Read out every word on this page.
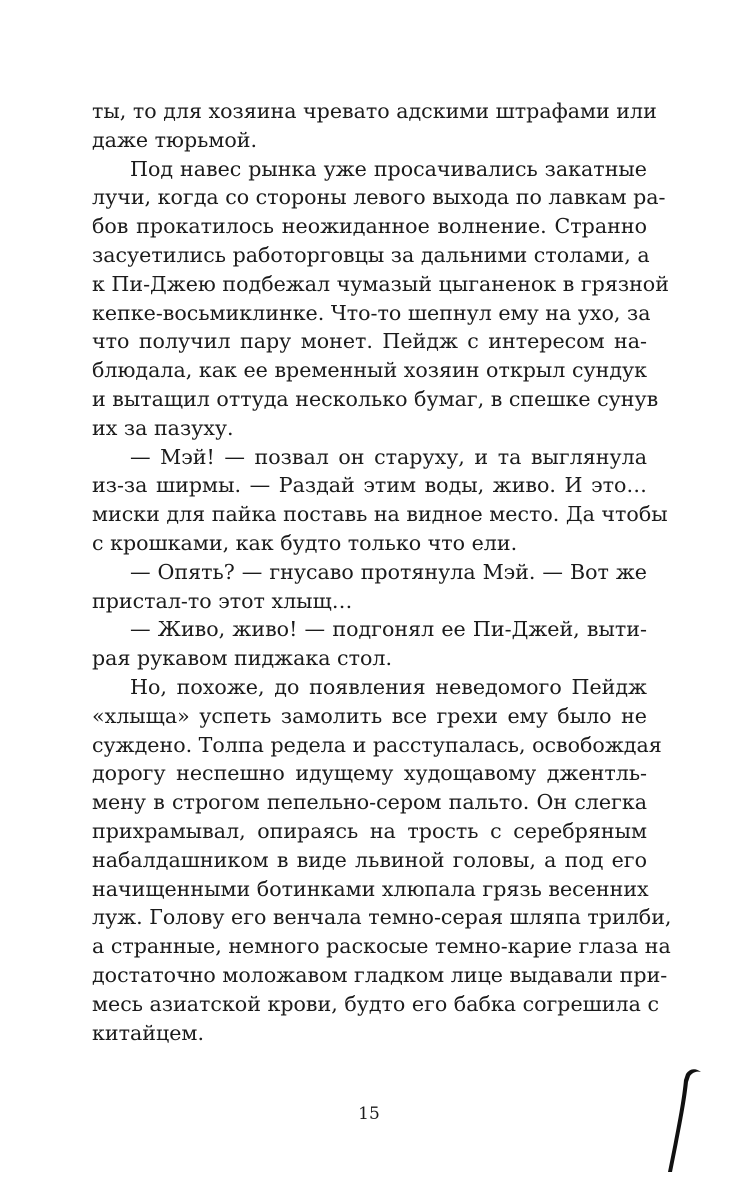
ты, то для хозяина чревато адскими штрафами или
даже тюрьмой.
Под навес рынка уже просачивались закатные
лучи, когда со стороны левого выхода по лавкам ра-
бов прокатилось неожиданное волнение. Странно
засуетились работорговцы за дальними столами, а
к Пи-Джею подбежал чумазый цыганенок в грязной
кепке-восьмиклинке. Что-то шепнул ему на ухо, за
что получил пару монет. Пейдж с интересом на-
блюдала, как ее временный хозяин открыл сундук
и вытащил оттуда несколько бумаг, в спешке сунув
их за пазуху.
— Мэй! — позвал он старуху, и та выглянула
из-за ширмы. — Раздай этим воды, живо. И это…
миски для пайка поставь на видное место. Да чтобы
с крошками, как будто только что ели.
— Опять? — гнусаво протянула Мэй. — Вот же
пристал-то этот хлыщ…
— Живо, живо! — подгонял ее Пи-Джей, выти-
рая рукавом пиджака стол.
Но, похоже, до появления неведомого Пейдж
«хлыща» успеть замолить все грехи ему было не
суждено. Толпа редела и расступалась, освобождая
дорогу неспешно идущему худощавому джентль-
мену в строгом пепельно-сером пальто. Он слегка
прихрамывал, опираясь на трость с серебряным
набалдашником в виде львиной головы, а под его
начищенными ботинками хлюпала грязь весенних
луж. Голову его венчала темно-серая шляпа трилби,
а странные, немного раскосые темно-карие глаза на
достаточно моложавом гладком лице выдавали при-
месь азиатской крови, будто его бабка согрешила с
китайцем.
15
